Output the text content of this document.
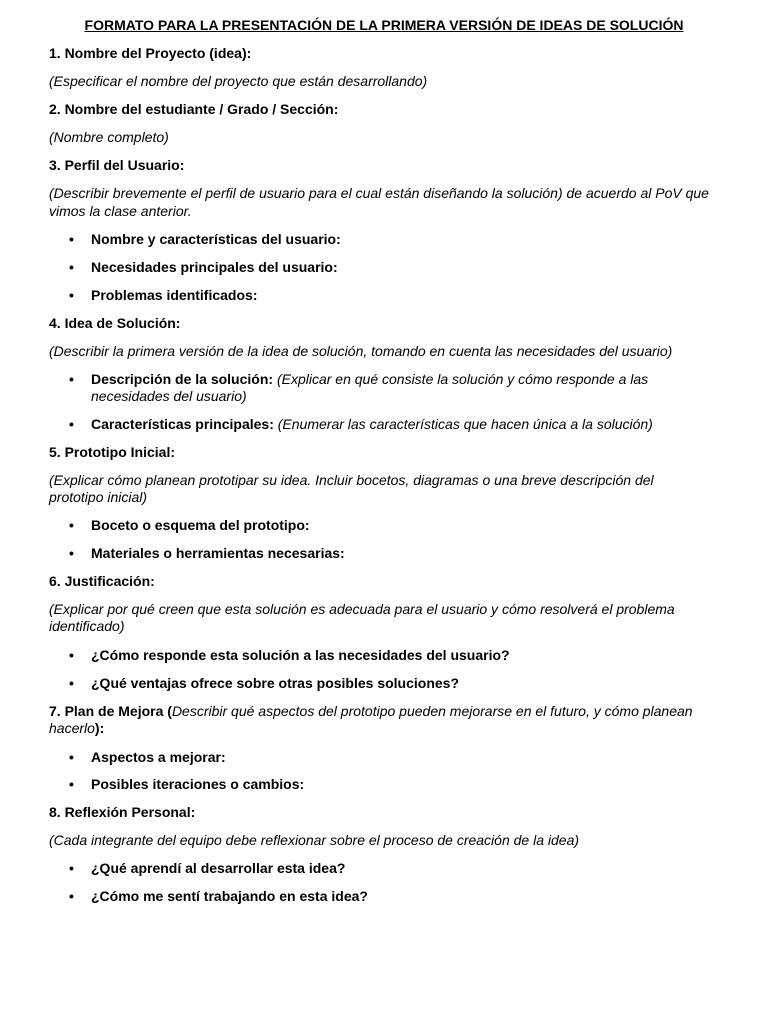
FORMATO PARA LA PRESENTACIÓN DE LA PRIMERA VERSIÓN DE IDEAS DE SOLUCIÓN
1. Nombre del Proyecto (idea):
(Especificar el nombre del proyecto que están desarrollando)
2. Nombre del estudiante / Grado / Sección:
(Nombre completo)
3. Perfil del Usuario:
(Describir brevemente el perfil de usuario para el cual están diseñando la solución) de acuerdo al PoV que
vimos la clase anterior.
•	Nombre y características del usuario:
•	Necesidades principales del usuario:
•	Problemas identificados:
4. Idea de Solución:
(Describir la primera versión de la idea de solución, tomando en cuenta las necesidades del usuario)
•	Descripción de la solución: (Explicar en qué consiste la solución y cómo responde a las
necesidades del usuario)
•	Características principales: (Enumerar las características que hacen única a la solución)
5. Prototipo Inicial:
(Explicar cómo planean prototipar su idea. Incluir bocetos, diagramas o una breve descripción del
prototipo inicial)
•	Boceto o esquema del prototipo:
•	Materiales o herramientas necesarias:
6. Justificación:
(Explicar por qué creen que esta solución es adecuada para el usuario y cómo resolverá el problema
identificado)
•	¿Cómo responde esta solución a las necesidades del usuario?
•	¿Qué ventajas ofrece sobre otras posibles soluciones?
7. Plan de Mejora (Describir qué aspectos del prototipo pueden mejorarse en el futuro, y cómo planean
hacerlo):
•	Aspectos a mejorar:
•	Posibles iteraciones o cambios:
8. Reflexión Personal:
(Cada integrante del equipo debe reflexionar sobre el proceso de creación de la idea)
•	¿Qué aprendí al desarrollar esta idea?
•	¿Cómo me sentí trabajando en esta idea?
